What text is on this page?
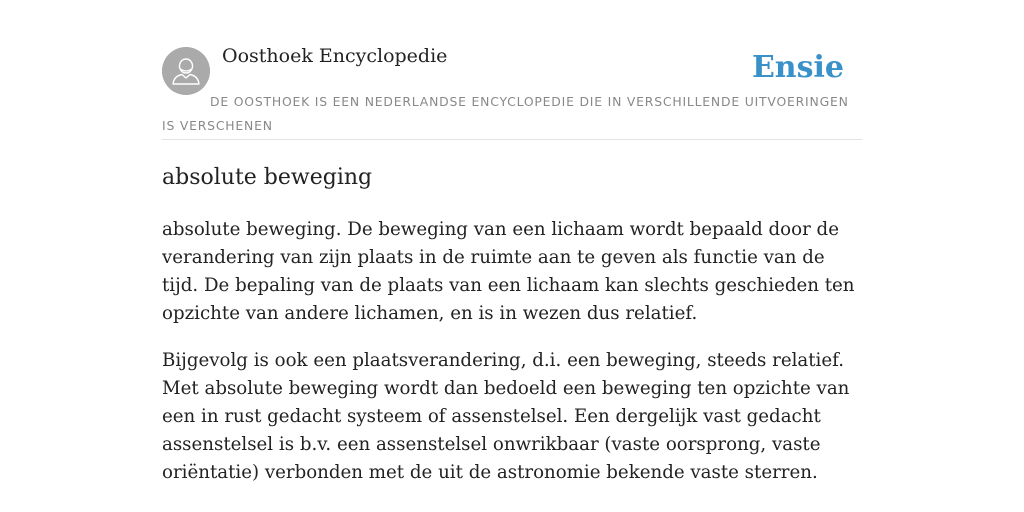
Oosthoek Encyclopedie	Ensie

DE OOSTHOEK IS EEN NEDERLANDSE ENCYCLOPEDIE DIE IN VERSCHILLENDE UITVOERINGEN IS VERSCHENEN

absolute beweging

absolute beweging. De beweging van een lichaam wordt bepaald door de verandering van zijn plaats in de ruimte aan te geven als functie van de tijd. De bepaling van de plaats van een lichaam kan slechts geschieden ten opzichte van andere lichamen, en is in wezen dus relatief.

Bijgevolg is ook een plaatsverandering, d.i. een beweging, steeds relatief. Met absolute beweging wordt dan bedoeld een beweging ten opzichte van een in rust gedacht systeem of assenstelsel. Een dergelijk vast gedacht assenstelsel is b.v. een assenstelsel onwrikbaar (vaste oorsprong, vaste oriëntatie) verbonden met de uit de astronomie bekende vaste sterren.
